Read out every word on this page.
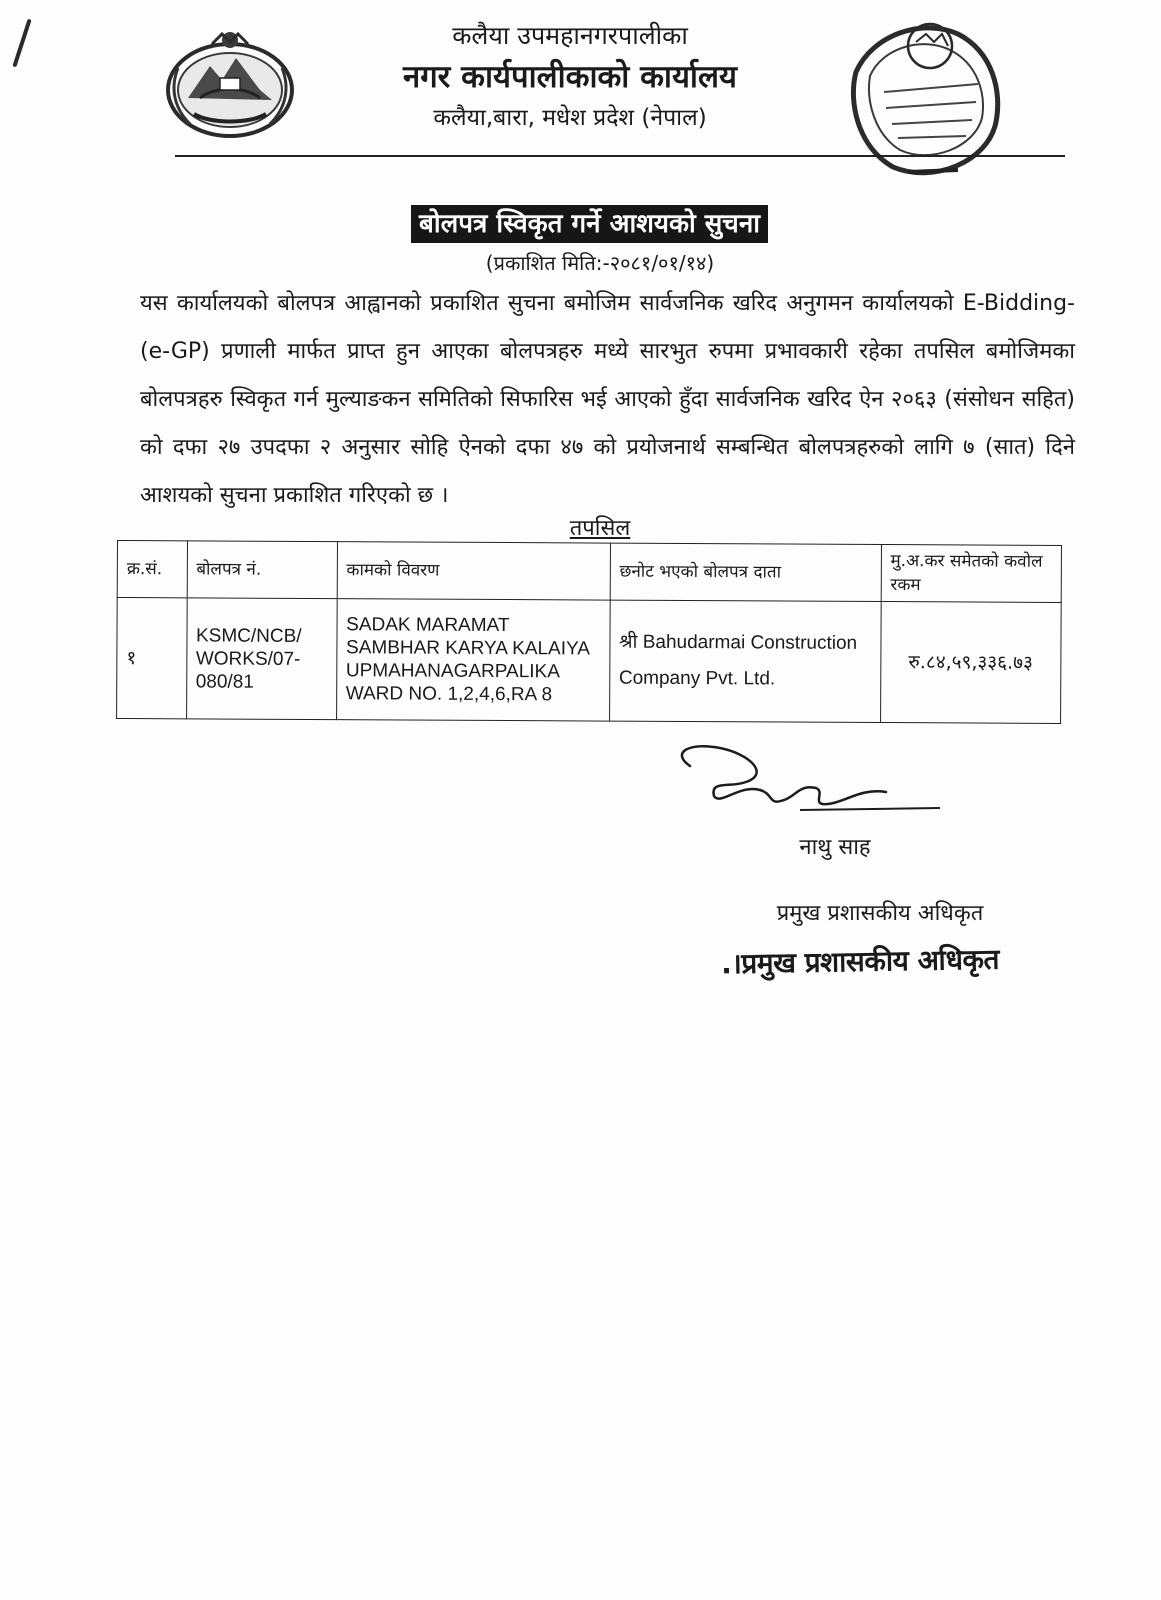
कलैया उपमहानगरपालीका
नगर कार्यपालीकाको कार्यालय
कलैया,बारा, मधेश प्रदेश (नेपाल)
बोलपत्र स्विकृत गर्ने आशयको सुचना
(प्रकाशित मिति:-२०८१/०१/१४)
यस कार्यालयको बोलपत्र आह्वानको प्रकाशित सुचना बमोजिम सार्वजनिक खरिद अनुगमन कार्यालयको E-Bidding-(e-GP) प्रणाली मार्फत प्राप्त हुन आएका बोलपत्रहरु मध्ये सारभुत रुपमा प्रभावकारी रहेका तपसिल बमोजिमका बोलपत्रहरु स्विकृत गर्न मुल्याङकन समितिको सिफारिस भई आएको हुँदा सार्वजनिक खरिद ऐन २०६३ (संसोधन सहित) को दफा २७ उपदफा २ अनुसार सोहि ऐनको दफा ४७ को प्रयोजनार्थ सम्बन्धित बोलपत्रहरुको लागि ७ (सात) दिने आशयको सुचना प्रकाशित गरिएको छ ।
तपसिल
क्र.सं.	बोलपत्र नं.	कामको विवरण	छनोट भएको बोलपत्र दाता	मु.अ.कर समेतको कवोल रकम
१	KSMC/NCB/ WORKS/07-080/81	SADAK MARAMAT SAMBHAR KARYA KALAIYA UPMAHANAGARPALIKA WARD NO. 1,2,4,6,RA 8	श्री Bahudarmai Construction Company Pvt. Ltd.	रु.८४,५९,३३६.७३
नाथु साह
प्रमुख प्रशासकीय अधिकृत
.।प्रमुख प्रशासकीय अधिकृत
